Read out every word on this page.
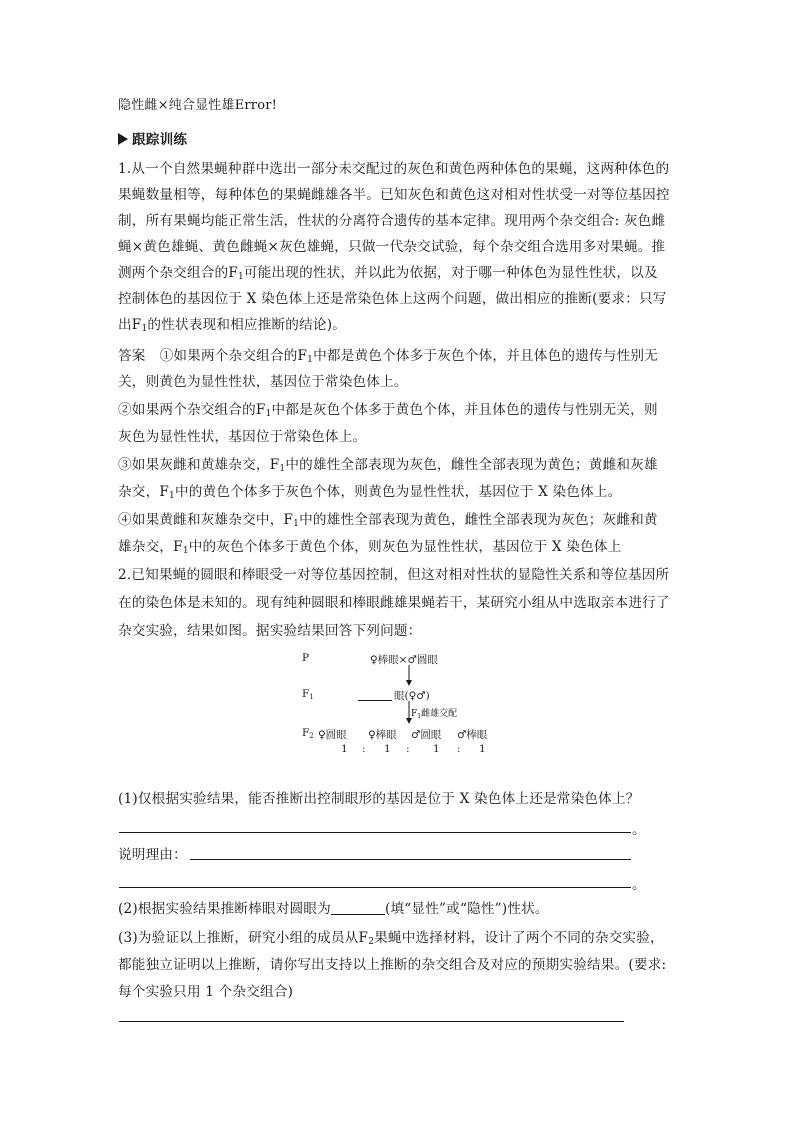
隐性雌×纯合显性雄Error!
跟踪训练
1.从一个自然果蝇种群中选出一部分未交配过的灰色和黄色两种体色的果蝇，这两种体色的
果蝇数量相等，每种体色的果蝇雌雄各半。已知灰色和黄色这对相对性状受一对等位基因控
制，所有果蝇均能正常生活，性状的分离符合遗传的基本定律。现用两个杂交组合: 灰色雌
蝇×黄色雄蝇、黄色雌蝇×灰色雄蝇，只做一代杂交试验，每个杂交组合选用多对果蝇。推
测两个杂交组合的$F_1$可能出现的性状，并以此为依据，对于哪一种体色为显性性状，以及
控制体色的基因位于 X 染色体上还是常染色体上这两个问题，做出相应的推断(要求：只写
出$F_1$的性状表现和相应推断的结论)。
答案 ①如果两个杂交组合的$F_1$中都是黄色个体多于灰色个体，并且体色的遗传与性别无
关，则黄色为显性性状，基因位于常染色体上。
②如果两个杂交组合的$F_1$中都是灰色个体多于黄色个体，并且体色的遗传与性别无关，则
灰色为显性性状，基因位于常染色体上。
③如果灰雌和黄雄杂交，$F_1$中的雄性全部表现为灰色，雌性全部表现为黄色；黄雌和灰雄
杂交，$F_1$中的黄色个体多于灰色个体，则黄色为显性性状，基因位于 X 染色体上。
④如果黄雌和灰雄杂交中，$F_1$中的雄性全部表现为黄色，雌性全部表现为灰色；灰雌和黄
雄杂交，$F_1$中的灰色个体多于黄色个体，则灰色为显性性状，基因位于 X 染色体上
2.已知果蝇的圆眼和棒眼受一对等位基因控制，但这对相对性状的显隐性关系和等位基因所
在的染色体是未知的。现有纯种圆眼和棒眼雌雄果蝇若干，某研究小组从中选取亲本进行了
杂交实验，结果如图。据实验结果回答下列问题：
P	♀棒眼×♂圆眼
$F_1$	眼(♀♂)
$F_1$雌雄交配
$F_2$ ♀圆眼 ♀棒眼 ♂圆眼 ♂棒眼
1 : 1 : 1 : 1
(1)仅根据实验结果，能否推断出控制眼形的基因是位于 X 染色体上还是常染色体上？
。
说明理由：
。
(2)根据实验结果推断棒眼对圆眼为	(填“显性”或“隐性”)性状。
(3)为验证以上推断，研究小组的成员从$F_2$果蝇中选择材料，设计了两个不同的杂交实验，
都能独立证明以上推断，请你写出支持以上推断的杂交组合及对应的预期实验结果。(要求:
每个实验只用 1 个杂交组合)
